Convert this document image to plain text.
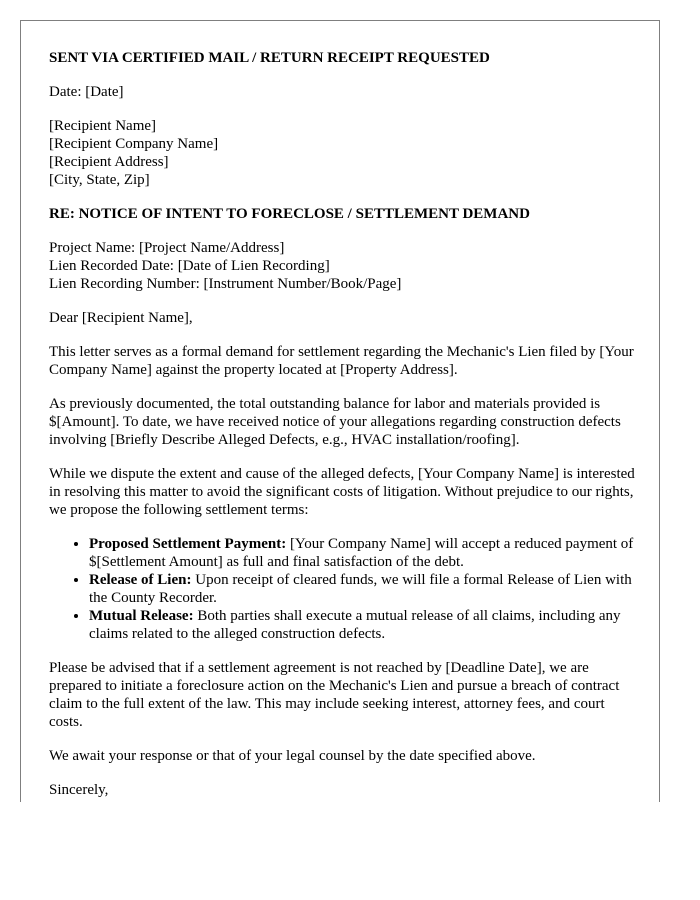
SENT VIA CERTIFIED MAIL / RETURN RECEIPT REQUESTED

Date: [Date]

[Recipient Name]
[Recipient Company Name]
[Recipient Address]
[City, State, Zip]

RE: NOTICE OF INTENT TO FORECLOSE / SETTLEMENT DEMAND

Project Name: [Project Name/Address]
Lien Recorded Date: [Date of Lien Recording]
Lien Recording Number: [Instrument Number/Book/Page]

Dear [Recipient Name],

This letter serves as a formal demand for settlement regarding the Mechanic's Lien filed by [Your Company Name] against the property located at [Property Address].

As previously documented, the total outstanding balance for labor and materials provided is $[Amount]. To date, we have received notice of your allegations regarding construction defects involving [Briefly Describe Alleged Defects, e.g., HVAC installation/roofing].

While we dispute the extent and cause of the alleged defects, [Your Company Name] is interested in resolving this matter to avoid the significant costs of litigation. Without prejudice to our rights, we propose the following settlement terms:

• Proposed Settlement Payment: [Your Company Name] will accept a reduced payment of $[Settlement Amount] as full and final satisfaction of the debt.
• Release of Lien: Upon receipt of cleared funds, we will file a formal Release of Lien with the County Recorder.
• Mutual Release: Both parties shall execute a mutual release of all claims, including any claims related to the alleged construction defects.

Please be advised that if a settlement agreement is not reached by [Deadline Date], we are prepared to initiate a foreclosure action on the Mechanic's Lien and pursue a breach of contract claim to the full extent of the law. This may include seeking interest, attorney fees, and court costs.

We await your response or that of your legal counsel by the date specified above.

Sincerely,
